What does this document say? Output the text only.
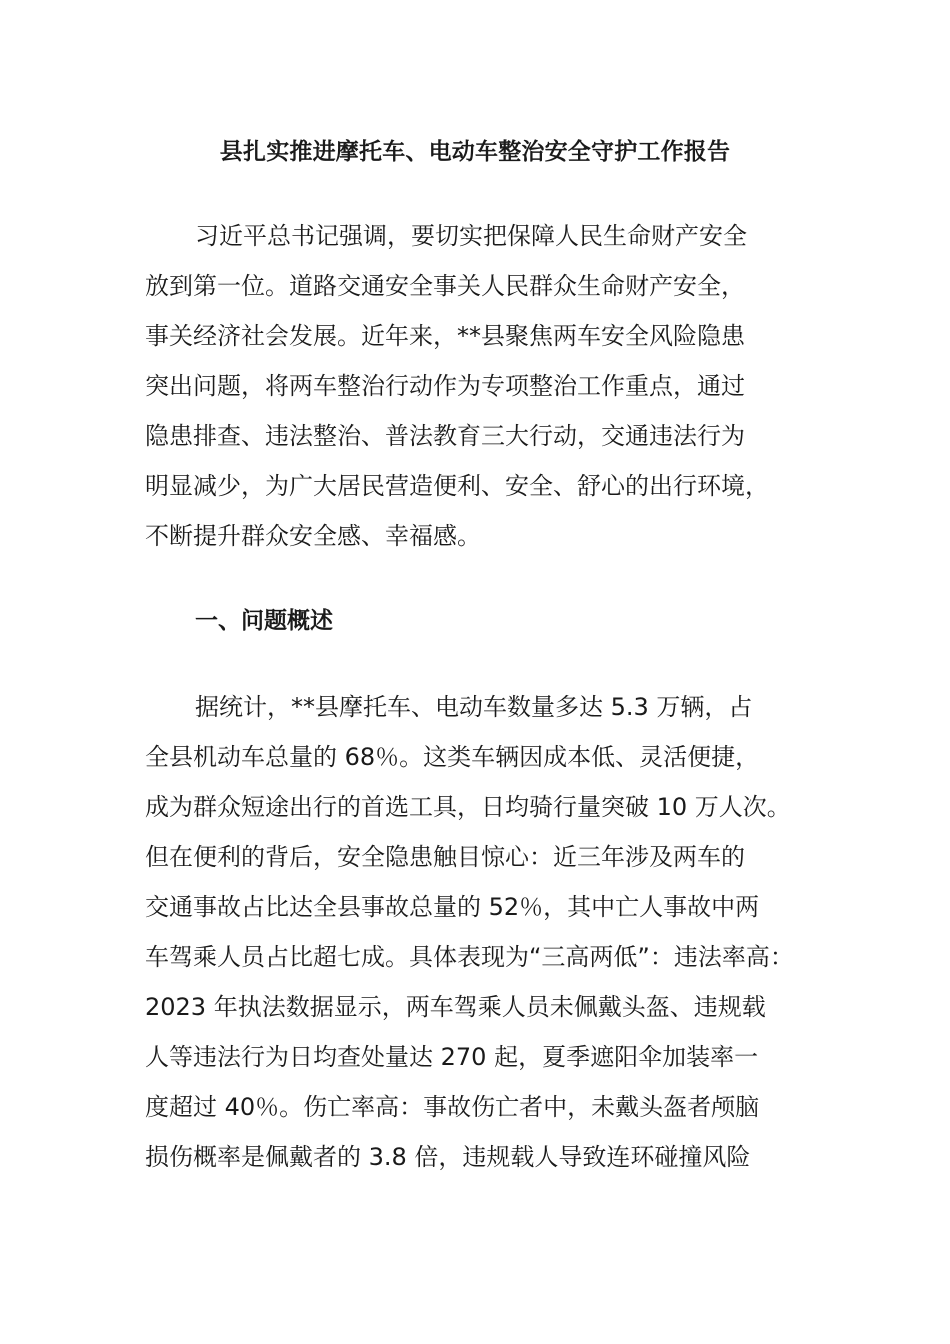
县扎实推进摩托车、电动车整治安全守护工作报告
习近平总书记强调，要切实把保障人民生命财产安全
放到第一位。道路交通安全事关人民群众生命财产安全，
事关经济社会发展。近年来，**县聚焦两车安全风险隐患
突出问题，将两车整治行动作为专项整治工作重点，通过
隐患排查、违法整治、普法教育三大行动，交通违法行为
明显减少，为广大居民营造便利、安全、舒心的出行环境，
不断提升群众安全感、幸福感。
一、问题概述
据统计，**县摩托车、电动车数量多达 5.3 万辆，占
全县机动车总量的 68％。这类车辆因成本低、灵活便捷，
成为群众短途出行的首选工具，日均骑行量突破 10 万人次。
但在便利的背后，安全隐患触目惊心：近三年涉及两车的
交通事故占比达全县事故总量的 52％，其中亡人事故中两
车驾乘人员占比超七成。具体表现为“三高两低”：违法率高：
2023 年执法数据显示，两车驾乘人员未佩戴头盔、违规载
人等违法行为日均查处量达 270 起，夏季遮阳伞加装率一
度超过 40％。伤亡率高：事故伤亡者中，未戴头盔者颅脑
损伤概率是佩戴者的 3.8 倍，违规载人导致连环碰撞风险
